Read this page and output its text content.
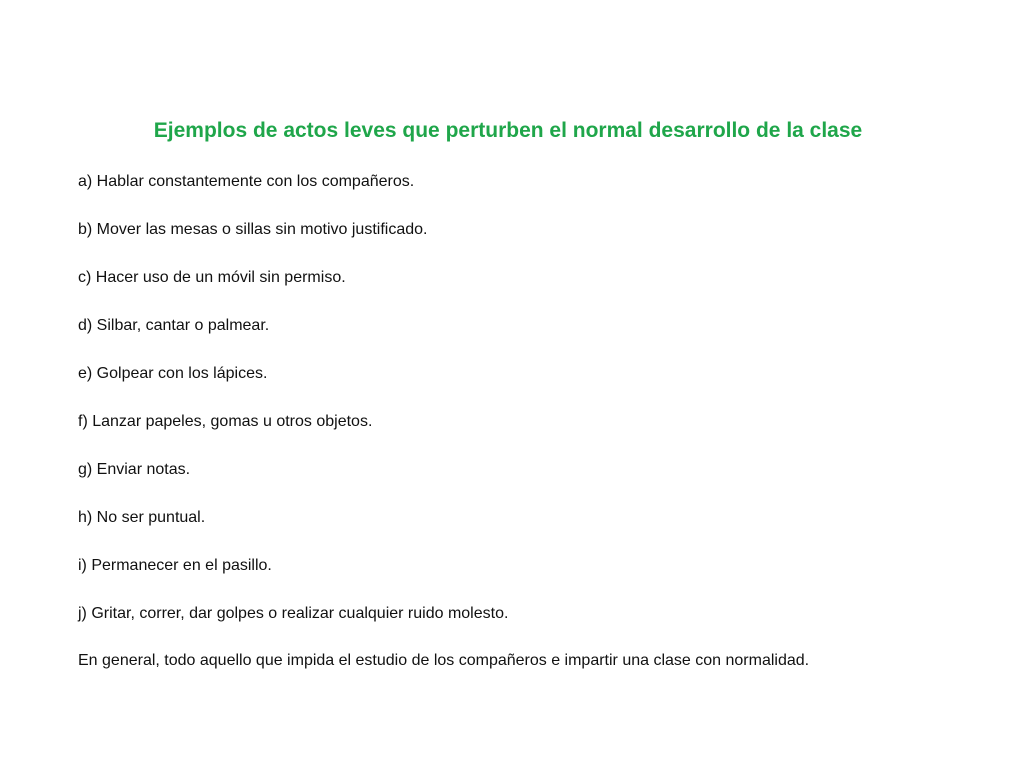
Ejemplos de actos leves que perturben el normal desarrollo de la clase
a) Hablar constantemente con los compañeros.
b) Mover las mesas o sillas sin motivo justificado.
c) Hacer uso de un móvil sin permiso.
d) Silbar, cantar o palmear.
e) Golpear con los lápices.
f) Lanzar papeles, gomas u otros objetos.
g) Enviar notas.
h) No ser puntual.
i) Permanecer en el pasillo.
j) Gritar, correr, dar golpes o realizar cualquier ruido molesto.
En general, todo aquello que impida el estudio de los compañeros e impartir una clase con normalidad.
